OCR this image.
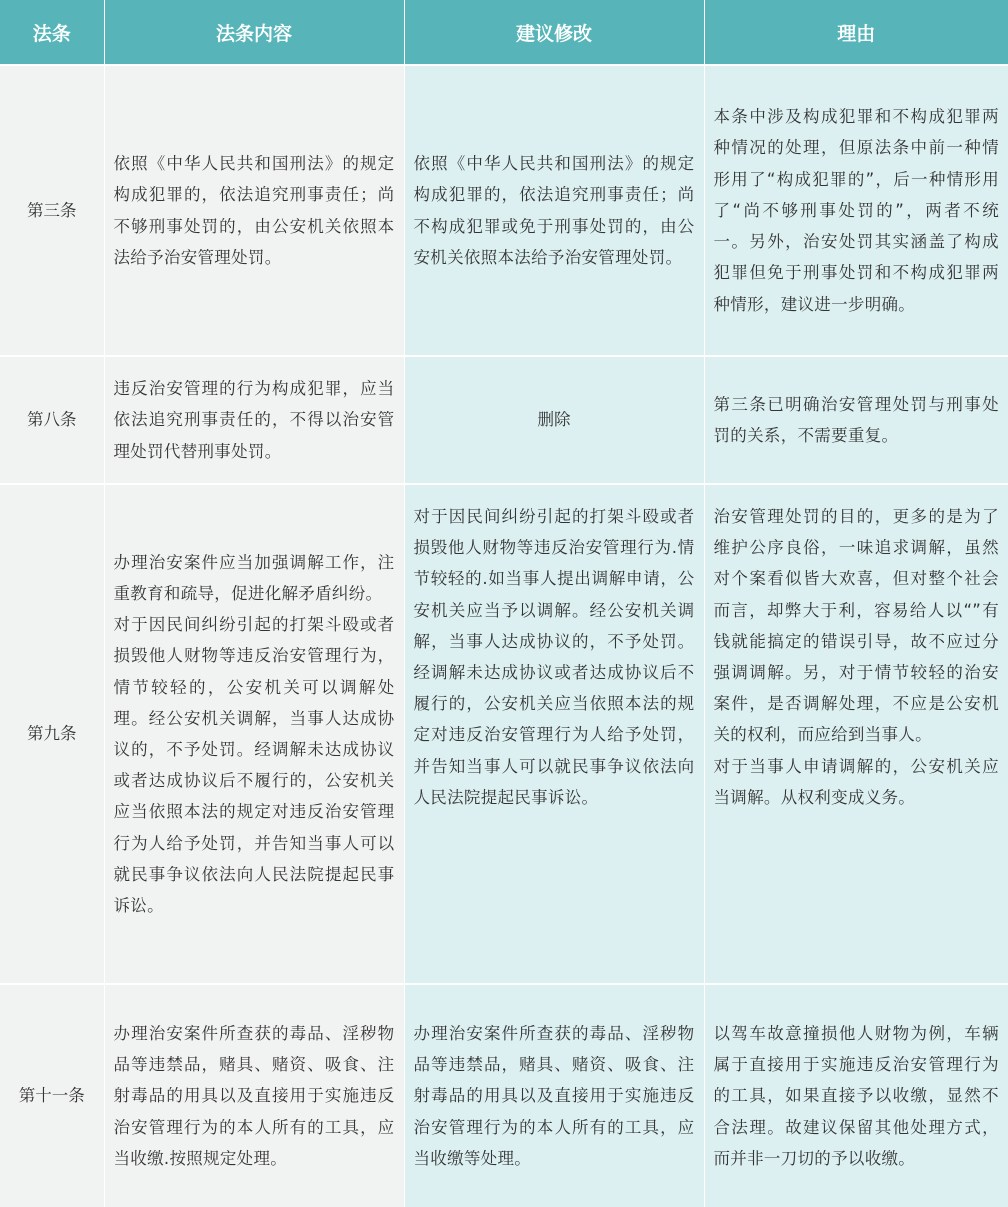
法条	法条内容	建议修改	理由
第三条	依照《中华人民共和国刑法》的规定构成犯罪的，依法追究刑事责任；尚不够刑事处罚的，由公安机关依照本法给予治安管理处罚。	依照《中华人民共和国刑法》的规定构成犯罪的，依法追究刑事责任；尚不构成犯罪或免于刑事处罚的，由公安机关依照本法给予治安管理处罚。	本条中涉及构成犯罪和不构成犯罪两种情况的处理，但原法条中前一种情形用了“构成犯罪的”，后一种情形用了“尚不够刑事处罚的”，两者不统一。另外，治安处罚其实涵盖了构成犯罪但免于刑事处罚和不构成犯罪两种情形，建议进一步明确。

第八条	违反治安管理的行为构成犯罪，应当依法追究刑事责任的，不得以治安管理处罚代替刑事处罚。	删除	第三条已明确治安管理处罚与刑事处罚的关系，不需要重复。

第九条	办理治安案件应当加强调解工作，注重教育和疏导，促进化解矛盾纠纷。
对于因民间纠纷引起的打架斗殴或者损毁他人财物等违反治安管理行为，情节较轻的，公安机关可以调解处理。经公安机关调解，当事人达成协议的，不予处罚。经调解未达成协议或者达成协议后不履行的，公安机关应当依照本法的规定对违反治安管理行为人给予处罚，并告知当事人可以就民事争议依法向人民法院提起民事诉讼。	对于因民间纠纷引起的打架斗殴或者损毁他人财物等违反治安管理行为.情节较轻的.如当事人提出调解申请，公安机关应当予以调解。经公安机关调解，当事人达成协议的，不予处罚。经调解未达成协议或者达成协议后不履行的，公安机关应当依照本法的规定对违反治安管理行为人给予处罚，并告知当事人可以就民事争议依法向人民法院提起民事诉讼。	治安管理处罚的目的，更多的是为了维护公序良俗，一味追求调解，虽然对个案看似皆大欢喜，但对整个社会而言，却弊大于利，容易给人以“”有钱就能搞定的错误引导，故不应过分强调调解。另，对于情节较轻的治安案件，是否调解处理，不应是公安机关的权利，而应给到当事人。
对于当事人申请调解的，公安机关应当调解。从权利变成义务。

第十一条	办理治安案件所查获的毒品、淫秽物品等违禁品，赌具、赌资、吸食、注射毒品的用具以及直接用于实施违反治安管理行为的本人所有的工具，应当收缴.按照规定处理。	办理治安案件所查获的毒品、淫秽物品等违禁品，赌具、赌资、吸食、注射毒品的用具以及直接用于实施违反治安管理行为的本人所有的工具，应当收缴等处理。	以驾车故意撞损他人财物为例，车辆属于直接用于实施违反治安管理行为的工具，如果直接予以收缴，显然不合法理。故建议保留其他处理方式，而并非一刀切的予以收缴。
